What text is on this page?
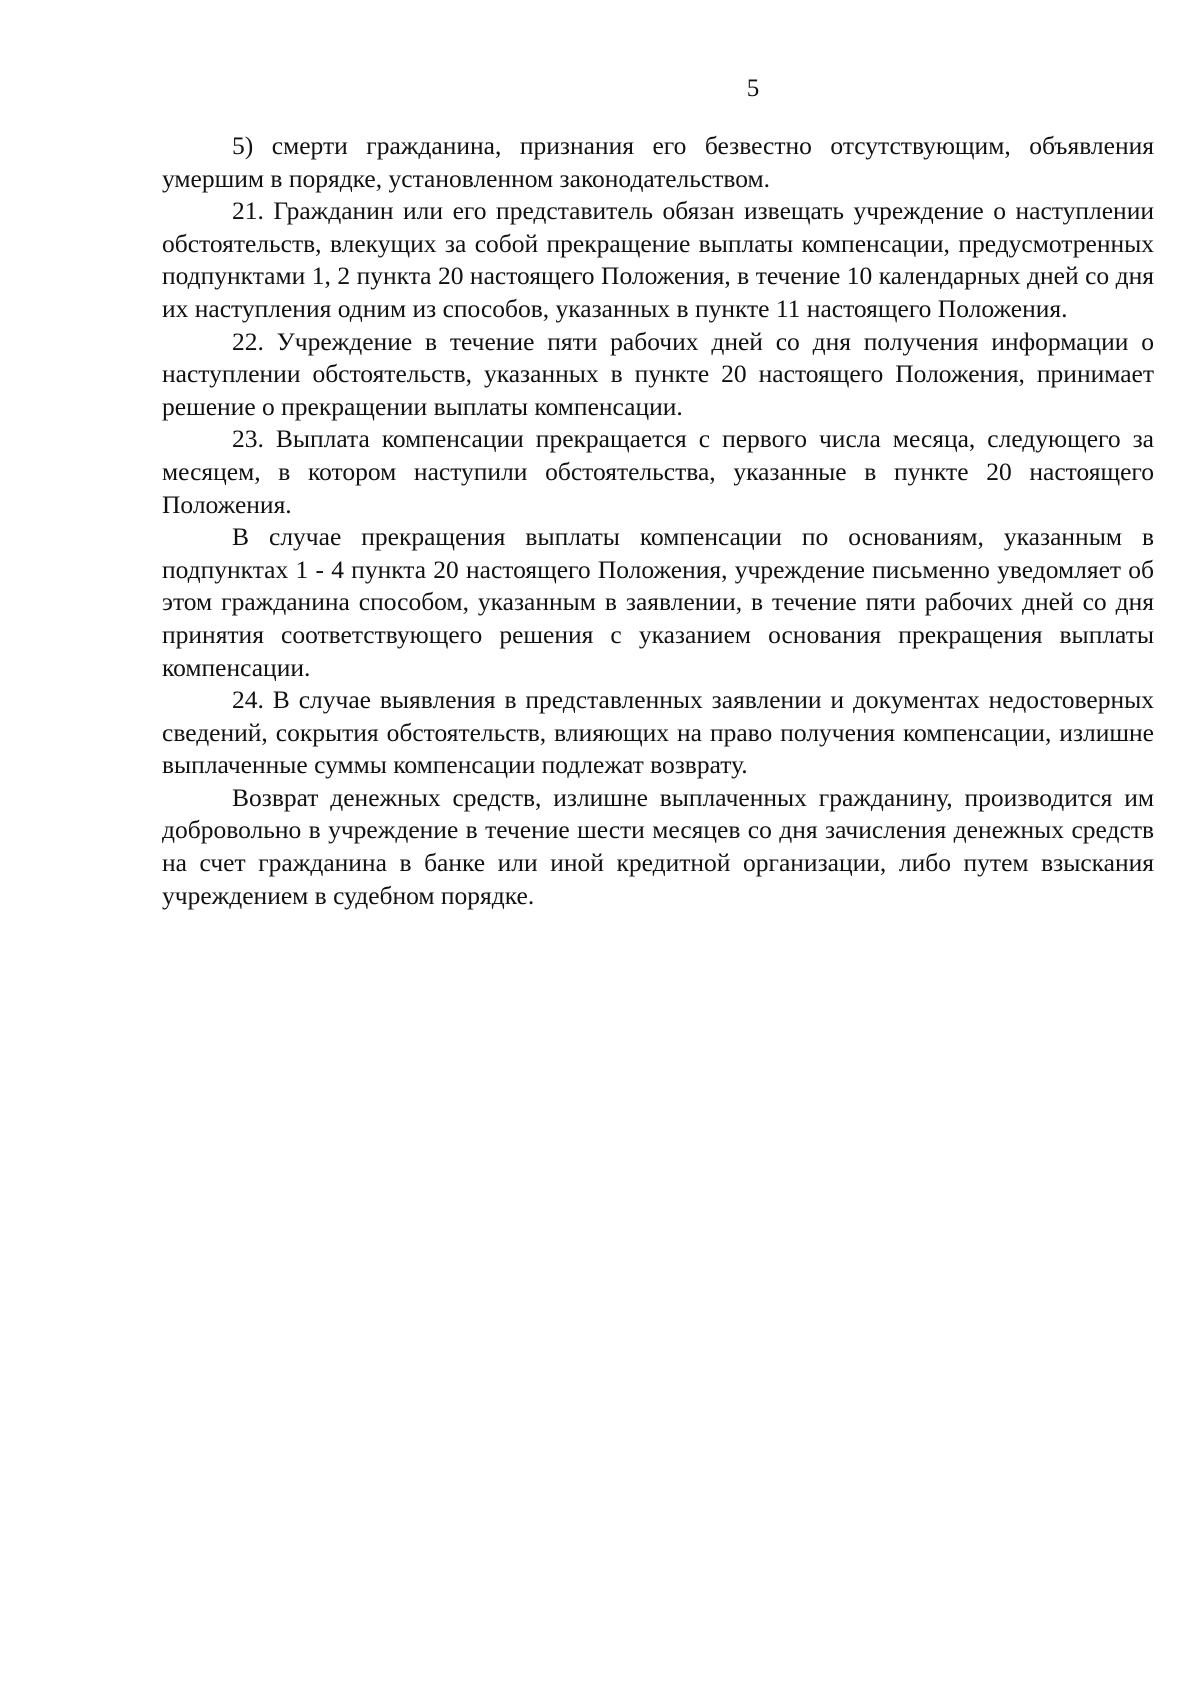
5

5) смерти гражданина, признания его безвестно отсутствующим, объявления умершим в порядке, установленном законодательством.

21. Гражданин или его представитель обязан извещать учреждение о наступлении обстоятельств, влекущих за собой прекращение выплаты компенсации, предусмотренных подпунктами 1, 2 пункта 20 настоящего Положения, в течение 10 календарных дней со дня их наступления одним из способов, указанных в пункте 11 настоящего Положения.

22. Учреждение в течение пяти рабочих дней со дня получения информации о наступлении обстоятельств, указанных в пункте 20 настоящего Положения, принимает решение о прекращении выплаты компенсации.

23. Выплата компенсации прекращается с первого числа месяца, следующего за месяцем, в котором наступили обстоятельства, указанные в пункте 20 настоящего Положения.

В случае прекращения выплаты компенсации по основаниям, указанным в подпунктах 1 - 4 пункта 20 настоящего Положения, учреждение письменно уведомляет об этом гражданина способом, указанным в заявлении, в течение пяти рабочих дней со дня принятия соответствующего решения с указанием основания прекращения выплаты компенсации.

24. В случае выявления в представленных заявлении и документах недостоверных сведений, сокрытия обстоятельств, влияющих на право получения компенсации, излишне выплаченные суммы компенсации подлежат возврату.

Возврат денежных средств, излишне выплаченных гражданину, производится им добровольно в учреждение в течение шести месяцев со дня зачисления денежных средств на счет гражданина в банке или иной кредитной организации, либо путем взыскания учреждением в судебном порядке.
